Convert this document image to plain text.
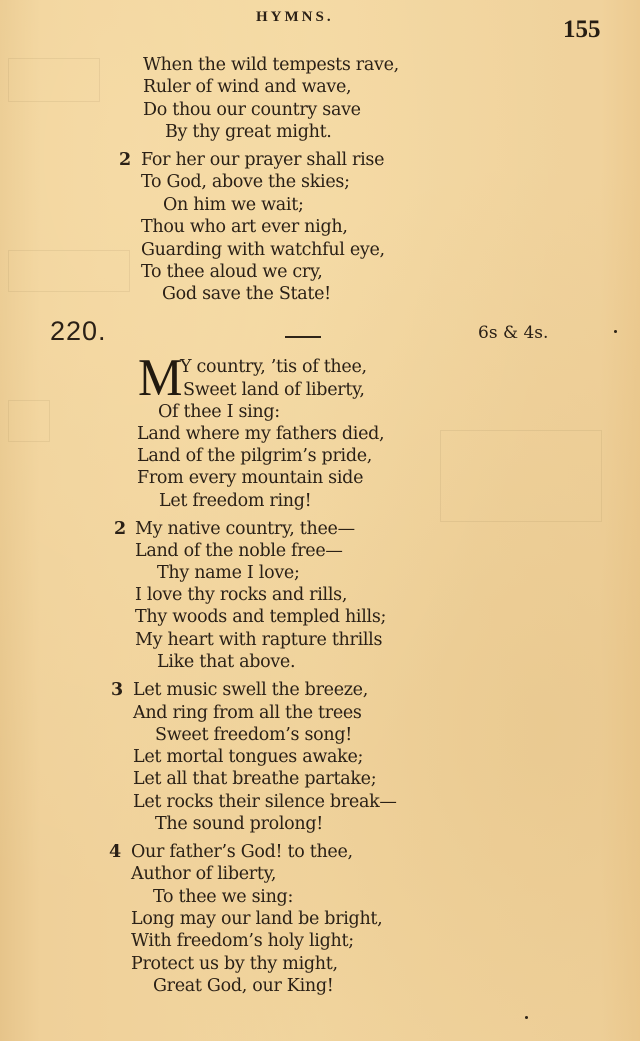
HYMNS.	155
When the wild tempests rave,
Ruler of wind and wave,
Do thou our country save
By thy great might.
2 For her our prayer shall rise
To God, above the skies;
On him we wait;
Thou who art ever nigh,
Guarding with watchful eye,
To thee aloud we cry,
God save the State!
220.	6s & 4s.
M
Y country, ’tis of thee,
Sweet land of liberty,
Of thee I sing:
Land where my fathers died,
Land of the pilgrim’s pride,
From every mountain side
Let freedom ring!
2 My native country, thee—
Land of the noble free—
Thy name I love;
I love thy rocks and rills,
Thy woods and templed hills;
My heart with rapture thrills
Like that above.
3 Let music swell the breeze,
And ring from all the trees
Sweet freedom’s song!
Let mortal tongues awake;
Let all that breathe partake;
Let rocks their silence break—
The sound prolong!
4 Our father’s God! to thee,
Author of liberty,
To thee we sing:
Long may our land be bright,
With freedom’s holy light;
Protect us by thy might,
Great God, our King!
